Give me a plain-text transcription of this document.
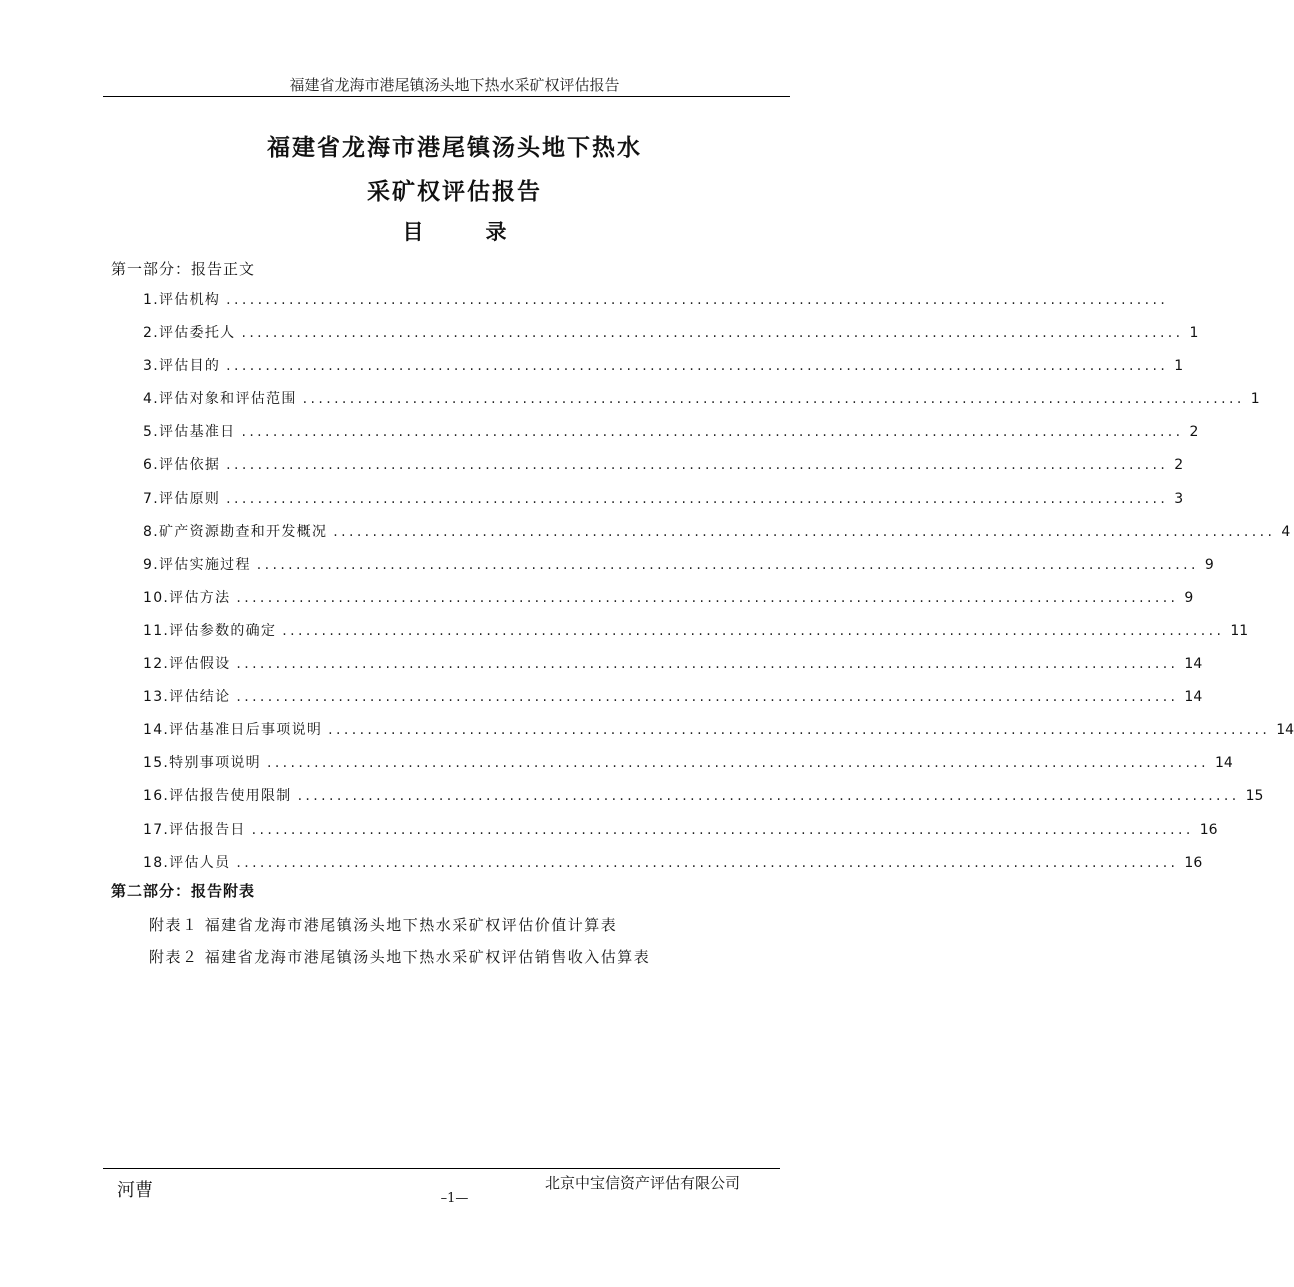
福建省龙海市港尾镇汤头地下热水采矿权评估报告
福建省龙海市港尾镇汤头地下热水
采矿权评估报告
目	录
第一部分：报告正文
1. 评估机构 ........................................................................................................................
2. 评估委托人 ........................................................................................................................ 1
3. 评估目的 ........................................................................................................................ 1
4. 评估对象和评估范围 ........................................................................................................................ 1
5. 评估基准日 ........................................................................................................................ 2
6. 评估依据 ........................................................................................................................ 2
7. 评估原则 ........................................................................................................................ 3
8. 矿产资源勘查和开发概况 ........................................................................................................................ 4
9. 评估实施过程 ........................................................................................................................ 9
10. 评估方法 ........................................................................................................................ 9
11. 评估参数的确定 ........................................................................................................................ 11
12. 评估假设 ........................................................................................................................ 14
13. 评估结论 ........................................................................................................................ 14
14. 评估基准日后事项说明 ........................................................................................................................ 14
15. 特别事项说明 ........................................................................................................................ 14
16. 评估报告使用限制 ........................................................................................................................ 15
17. 评估报告日 ........................................................................................................................ 16
18. 评估人员 ........................................................................................................................ 16
第二部分：报告附表
附表１ 福建省龙海市港尾镇汤头地下热水采矿权评估价值计算表
附表２ 福建省龙海市港尾镇汤头地下热水采矿权评估销售收入估算表
河曹	北京中宝信资产评估有限公司
–1—
